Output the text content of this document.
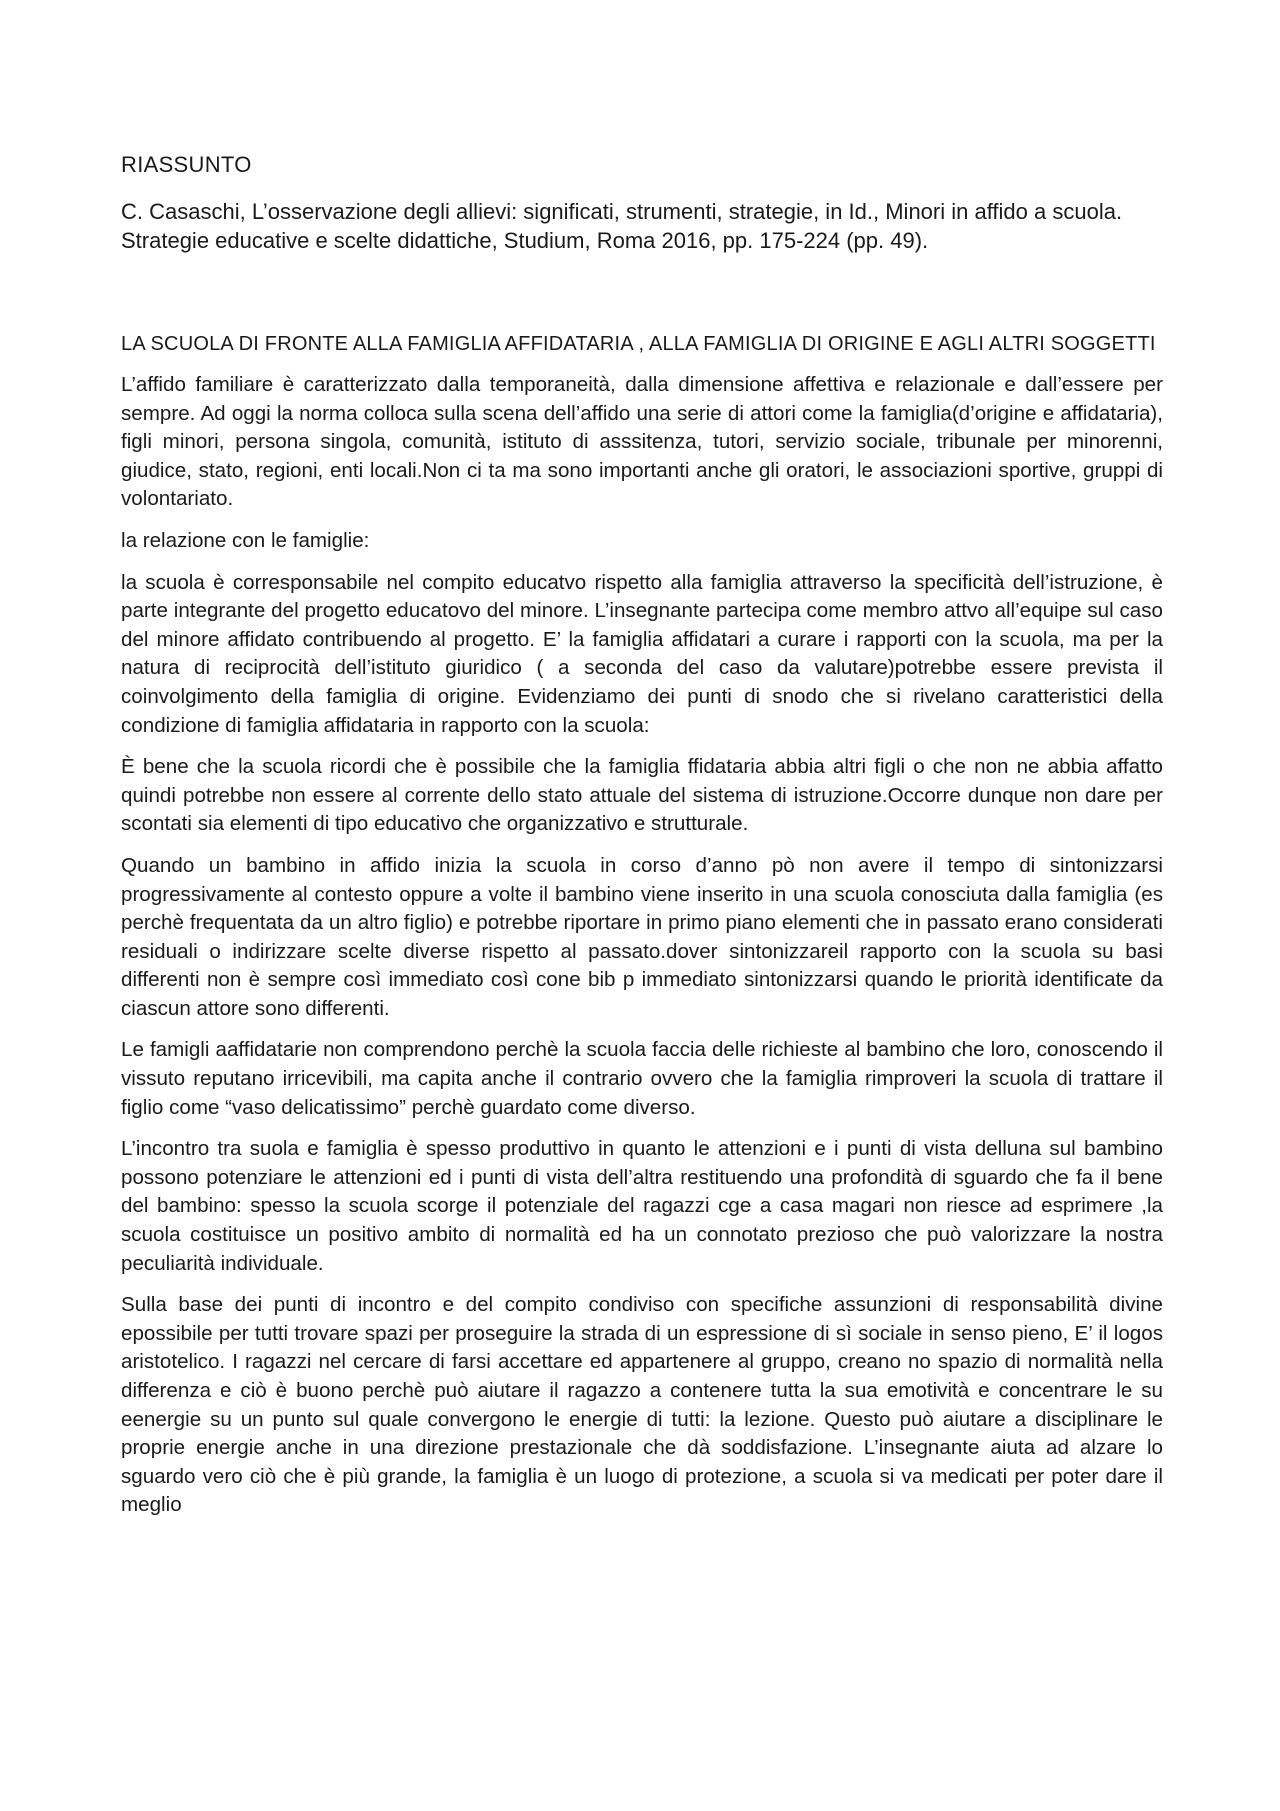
RIASSUNTO

C. Casaschi, L’osservazione degli allievi: significati, strumenti, strategie, in Id., Minori in affido a scuola. Strategie educative e scelte didattiche, Studium, Roma 2016, pp. 175-224 (pp. 49).

LA SCUOLA DI FRONTE ALLA FAMIGLIA AFFIDATARIA , ALLA FAMIGLIA DI ORIGINE E AGLI ALTRI SOGGETTI

L’affido familiare è caratterizzato dalla temporaneità, dalla dimensione affettiva e relazionale e dall’essere per sempre. Ad oggi la norma colloca sulla scena dell’affido una serie di attori come la famiglia(d’origine e affidataria), figli minori, persona singola, comunità, istituto di asssitenza, tutori, servizio sociale, tribunale per minorenni, giudice, stato, regioni, enti locali.Non ci ta ma sono importanti anche gli oratori, le associazioni sportive, gruppi di volontariato.

la relazione con le famiglie:

la scuola è corresponsabile nel compito educatvo rispetto alla famiglia attraverso la specificità dell’istruzione, è parte integrante del progetto educatovo del minore. L’insegnante partecipa come membro attvo all’equipe sul caso del minore affidato contribuendo al progetto. E’ la famiglia affidatari a curare i rapporti con la scuola, ma per la natura di reciprocità dell’istituto giuridico ( a seconda del caso da valutare)potrebbe essere prevista il coinvolgimento della famiglia di origine. Evidenziamo dei punti di snodo che si rivelano caratteristici della condizione di famiglia affidataria in rapporto con la scuola:

È bene che la scuola ricordi che è possibile che la famiglia ffidataria abbia altri figli o che non ne abbia affatto quindi potrebbe non essere al corrente dello stato attuale del sistema di istruzione.Occorre dunque non dare per scontati sia elementi di tipo educativo che organizzativo e strutturale.

Quando un bambino in affido inizia la scuola in corso d’anno pò non avere il tempo di sintonizzarsi progressivamente al contesto oppure a volte il bambino viene inserito in una scuola conosciuta dalla famiglia (es perchè frequentata da un altro figlio) e potrebbe riportare in primo piano elementi che in passato erano considerati residuali o indirizzare scelte diverse rispetto al passato.dover sintonizzareil rapporto con la scuola su basi differenti non è sempre così immediato così cone bib p immediato sintonizzarsi quando le priorità identificate da ciascun attore sono differenti.

Le famigli aaffidatarie non comprendono perchè la scuola faccia delle richieste al bambino che loro, conoscendo il vissuto reputano irricevibili, ma capita anche il contrario ovvero che la famiglia rimproveri la scuola di trattare il figlio come “vaso delicatissimo” perchè guardato come diverso.

L’incontro tra suola e famiglia è spesso produttivo in quanto le attenzioni e i punti di vista delluna sul bambino possono potenziare le attenzioni ed i punti di vista dell’altra restituendo una profondità di sguardo che fa il bene del bambino: spesso la scuola scorge il potenziale del ragazzi cge a casa magari non riesce ad esprimere ,la scuola costituisce un positivo ambito di normalità ed ha un connotato prezioso che può valorizzare la nostra peculiarità individuale.

Sulla base dei punti di incontro e del compito condiviso con specifiche assunzioni di responsabilità divine epossibile per tutti trovare spazi per proseguire la strada di un espressione di sì sociale in senso pieno, E’ il logos aristotelico. I ragazzi nel cercare di farsi accettare ed appartenere al gruppo, creano no spazio di normalità nella differenza e ciò è buono perchè può aiutare il ragazzo a contenere tutta la sua emotività e concentrare le su eenergie su un punto sul quale convergono le energie di tutti: la lezione. Questo può aiutare a disciplinare le proprie energie anche in una direzione prestazionale che dà soddisfazione. L’insegnante aiuta ad alzare lo sguardo vero ciò che è più grande, la famiglia è un luogo di protezione, a scuola si va medicati per poter dare il meglio
